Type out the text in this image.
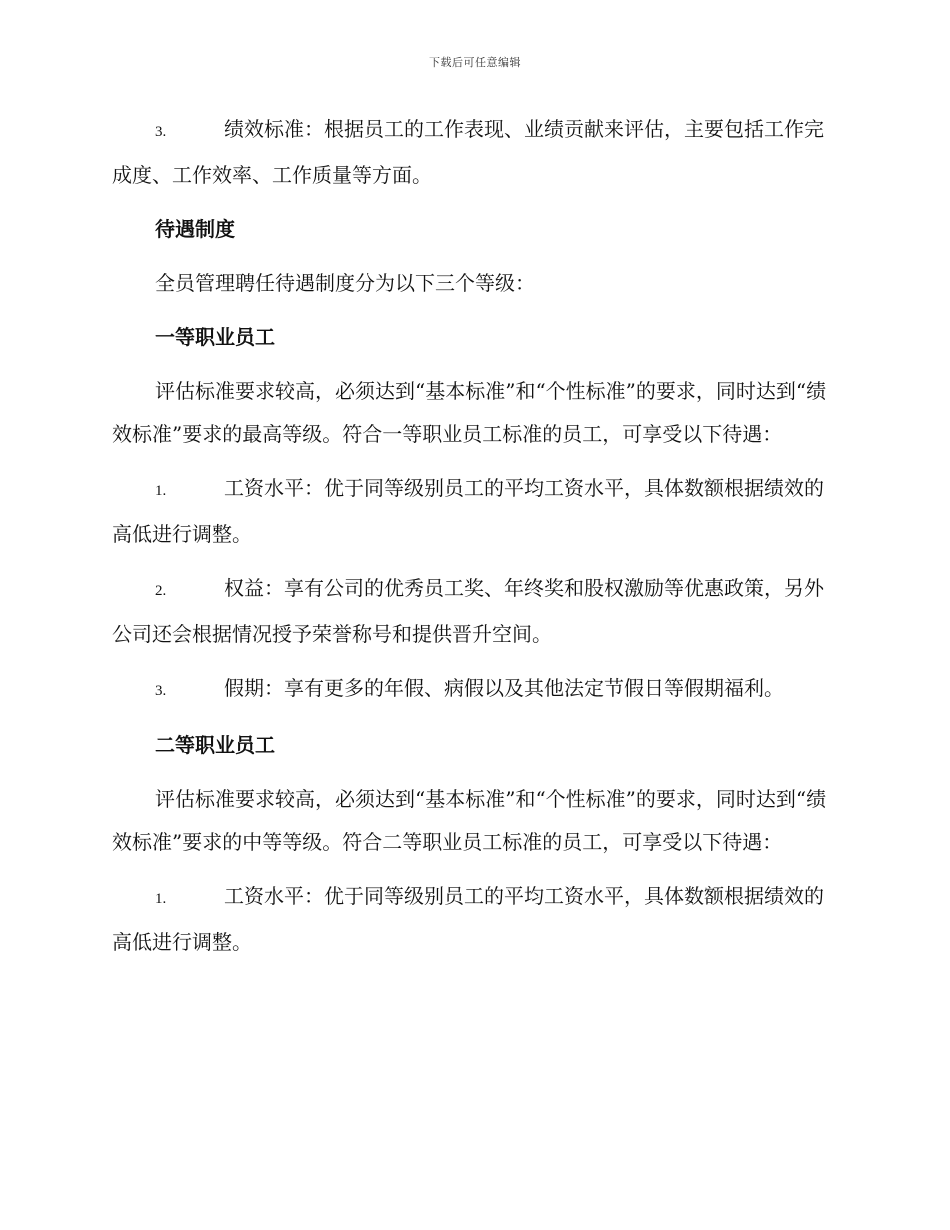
下载后可任意编辑

3.	绩效标准：根据员工的工作表现、业绩贡献来评估，主要包括工作完成度、工作效率、工作质量等方面。

待遇制度

全员管理聘任待遇制度分为以下三个等级：

一等职业员工

评估标准要求较高，必须达到“基本标准”和“个性标准”的要求，同时达到“绩效标准”要求的最高等级。符合一等职业员工标准的员工，可享受以下待遇：

1.	工资水平：优于同等级别员工的平均工资水平，具体数额根据绩效的高低进行调整。

2.	权益：享有公司的优秀员工奖、年终奖和股权激励等优惠政策，另外公司还会根据情况授予荣誉称号和提供晋升空间。

3.	假期：享有更多的年假、病假以及其他法定节假日等假期福利。

二等职业员工

评估标准要求较高，必须达到“基本标准”和“个性标准”的要求，同时达到“绩效标准”要求的中等等级。符合二等职业员工标准的员工，可享受以下待遇：

1.	工资水平：优于同等级别员工的平均工资水平，具体数额根据绩效的高低进行调整。
